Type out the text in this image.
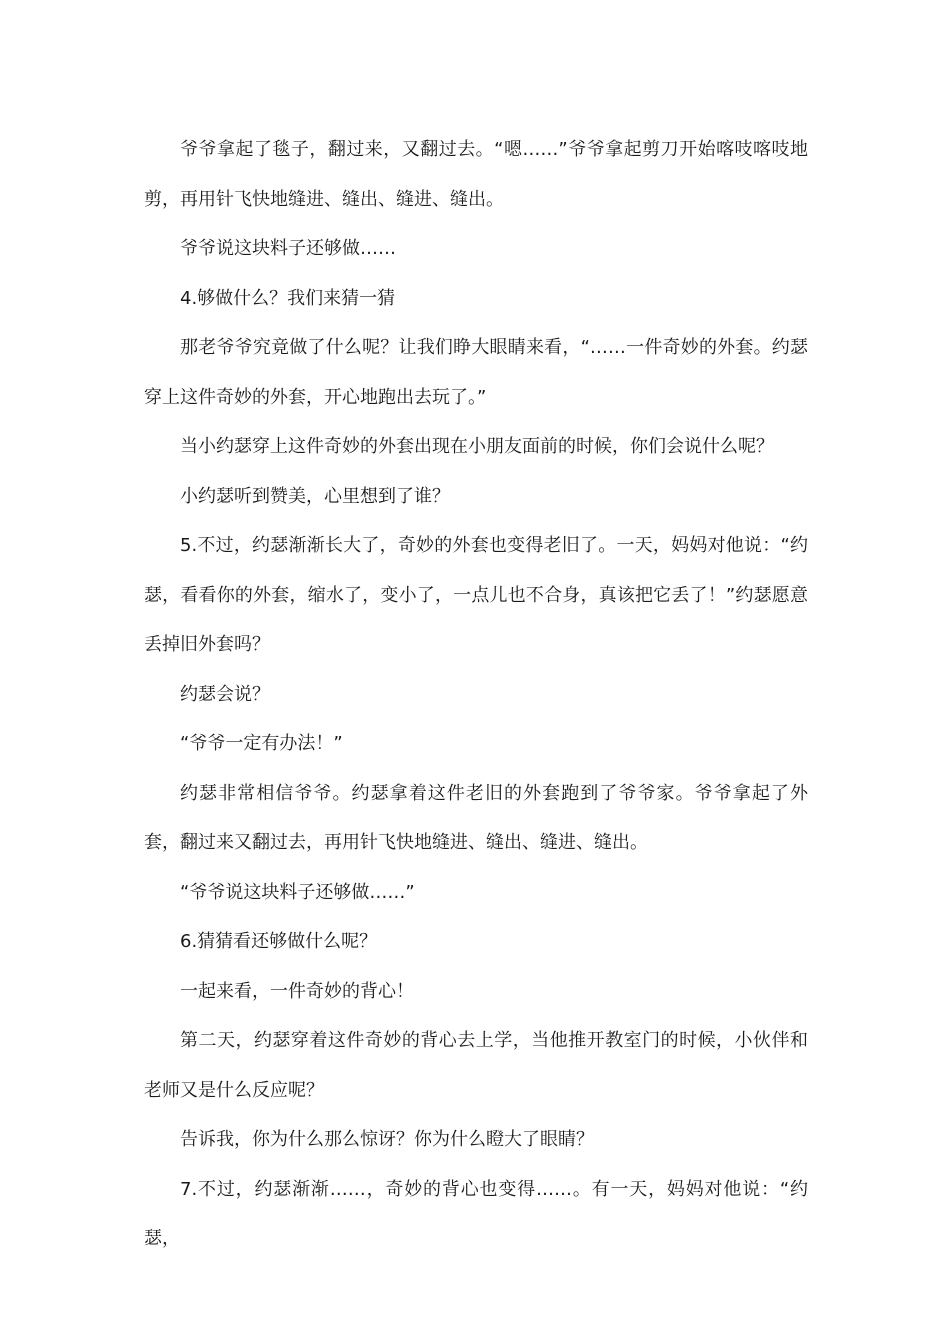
爷爷拿起了毯子，翻过来，又翻过去。“嗯……”爷爷拿起剪刀开始喀吱喀吱地剪，再用针飞快地缝进、缝出、缝进、缝出。

爷爷说这块料子还够做……

4.够做什么？我们来猜一猜

那老爷爷究竟做了什么呢？让我们睁大眼睛来看，“……一件奇妙的外套。约瑟穿上这件奇妙的外套，开心地跑出去玩了。”

当小约瑟穿上这件奇妙的外套出现在小朋友面前的时候，你们会说什么呢？

小约瑟听到赞美，心里想到了谁？

5.不过，约瑟渐渐长大了，奇妙的外套也变得老旧了。一天，妈妈对他说：“约瑟，看看你的外套，缩水了，变小了，一点儿也不合身，真该把它丢了！”约瑟愿意丢掉旧外套吗？

约瑟会说？

“爷爷一定有办法！”

约瑟非常相信爷爷。约瑟拿着这件老旧的外套跑到了爷爷家。爷爷拿起了外套，翻过来又翻过去，再用针飞快地缝进、缝出、缝进、缝出。

“爷爷说这块料子还够做……”

6.猜猜看还够做什么呢？

一起来看，一件奇妙的背心！

第二天，约瑟穿着这件奇妙的背心去上学，当他推开教室门的时候，小伙伴和老师又是什么反应呢？

告诉我，你为什么那么惊讶？你为什么瞪大了眼睛？

7.不过，约瑟渐渐……，奇妙的背心也变得……。有一天，妈妈对他说：“约瑟，
